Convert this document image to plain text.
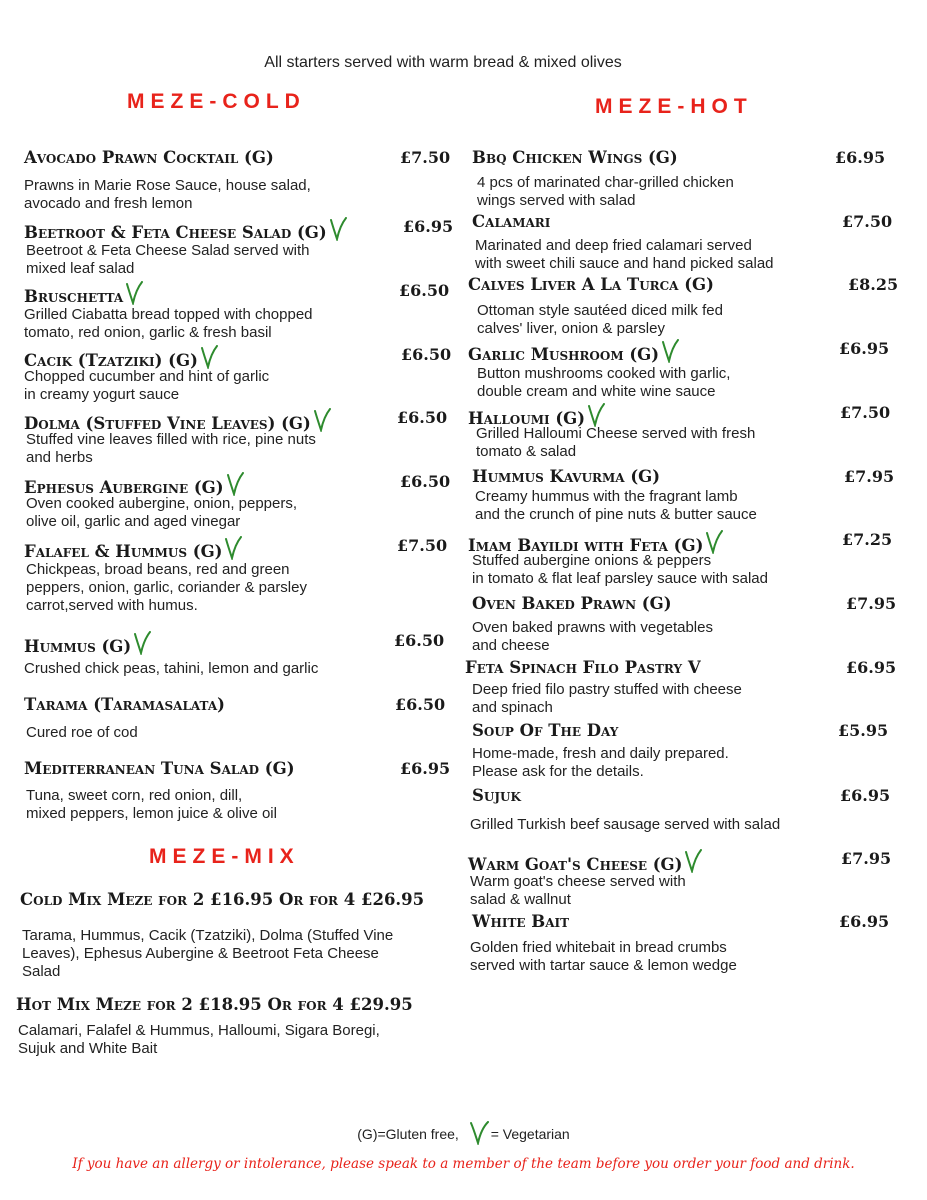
All starters served with warm bread & mixed olives
MEZE-COLD	MEZE-HOT
MEZE-MIX
Avocado Prawn Cocktail (G)	£7.50
Prawns in Marie Rose Sauce, house salad,
avocado and fresh lemon
Beetroot & Feta Cheese Salad (G)	£6.95
Beetroot & Feta Cheese Salad served with
mixed leaf salad
Bruschetta	£6.50
Grilled Ciabatta bread topped with chopped
tomato, red onion, garlic & fresh basil
Cacik (Tzatziki) (G)	£6.50
Chopped cucumber and hint of garlic
in creamy yogurt sauce
Dolma (Stuffed Vine Leaves) (G)	£6.50
Stuffed vine leaves filled with rice, pine nuts
and herbs
Ephesus Aubergine (G)	£6.50
Oven cooked aubergine, onion, peppers,
olive oil, garlic and aged vinegar
Falafel & Hummus (G)	£7.50
Chickpeas, broad beans, red and green
peppers, onion, garlic, coriander & parsley
carrot,served with humus.
Hummus (G)	£6.50
Crushed chick peas, tahini, lemon and garlic
Tarama (Taramasalata)	£6.50
Cured roe of cod
Mediterranean Tuna Salad (G)	£6.95
Tuna, sweet corn, red onion, dill,
mixed peppers, lemon juice & olive oil
Bbq Chicken Wings (G)	£6.95
4 pcs of marinated char-grilled chicken
wings served with salad
Calamari	£7.50
Marinated and deep fried calamari served
with sweet chili sauce and hand picked salad
Calves Liver A La Turca (G)	£8.25
Ottoman style sautéed diced milk fed
calves' liver, onion & parsley
Garlic Mushroom (G)	£6.95
Button mushrooms cooked with garlic,
double cream and white wine sauce
Halloumi (G)	£7.50
Grilled Halloumi Cheese served with fresh
tomato & salad
Hummus Kavurma (G)	£7.95
Creamy hummus with the fragrant lamb
and the crunch of pine nuts & butter sauce
Imam Bayildi with Feta (G)	£7.25
Stuffed aubergine onions & peppers
in tomato & flat leaf parsley sauce with salad
Oven Baked Prawn (G)	£7.95
Oven baked prawns with vegetables
and cheese
Feta Spinach Filo Pastry V	£6.95
Deep fried filo pastry stuffed with cheese
and spinach
Soup Of The Day	£5.95
Home-made, fresh and daily prepared.
Please ask for the details.
Sujuk	£6.95
Grilled Turkish beef sausage served with salad
Warm Goat's Cheese (G)	£7.95
Warm goat's cheese served with
salad & wallnut
White Bait	£6.95
Golden fried whitebait in bread crumbs
served with tartar sauce & lemon wedge
Cold Mix Meze for 2 £16.95 Or for 4 £26.95
Tarama, Hummus, Cacik (Tzatziki), Dolma (Stuffed Vine
Leaves), Ephesus Aubergine & Beetroot Feta Cheese
Salad
Hot Mix Meze for 2 £18.95 Or for 4 £29.95
Calamari, Falafel & Hummus, Halloumi, Sigara Boregi,
Sujuk and White Bait
(G)=Gluten free, = Vegetarian
If you have an allergy or intolerance, please speak to a member of the team before you order your food and drink.
